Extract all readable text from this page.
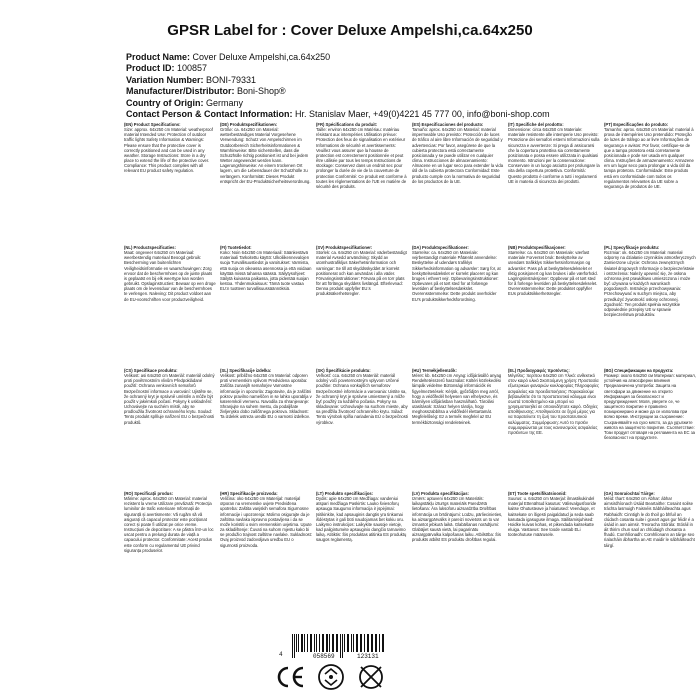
GPSR Label for : Cover Deluxe Ampelshi,ca.64x250
Product Name: Cover Deluxe Ampelshi,ca.64x250
Product ID: 100857
Variation Number: BONI-79331
Manufacturer/Distributor: Boni-Shop®
Country of Origin: Germany
Contact Person & Contact Information: Hr. Stanislav Maer, +49(0)4221 45 777 00, info@boni-shop.com
(EN) Product Specifications:
Size: approx. 64x250 cm Material: weatherproof material Intended Use: Protection of outdoor traffic lights Safety Information & Warnings: Please ensure that the protective cover is correctly positioned and can be used in any weather. Storage Instructions: Store in a dry place to extend the life of the protective cover. Compliance: This product complies with all relevant EU product safety regulation.
(DE) Produktspezifikationen:
Größe: ca. 64x250 cm Material: wetterbeständiges Material Vorgesehene Verwendung: Schutz von Ampelschirmen im Outdoorbereich Sicherheitsinformationen & Warnhinweise: Bitte sicherstellen, dass die Schutzhülle richtig positioniert ist und bei jedem Wetter angewendet werden kann. Lagerungshinweise: An einem trockenen Ort lagern, um die Lebensdauer der Schutzhülle zu verlängern. Konformität: Dieses Produkt entspricht der EU-Produktsicherheitsverordnung.
(FR) Spécifications du produit:
Taille: environ 64x250 cm Matériau: matériau résistant aux intempéries Utilisation prévue: Protection des feux de signalisation en extérieur Informations de sécurité et avertissements: Veuillez vous assurer que la housse de protection est correctement positionnée et peut être utilisée par tous les temps Instructions de stockage: Conservez dans un endroit sec pour prolonger la durée de vie de la couverture de protection Conformité: Ce produit est conforme à toutes les réglementations de l'UE en matière de sécurité des produits.
(ES) Especificaciones del producto:
Tamaño: aprox. 64x250 cm Material: material impermeable Uso previsto: Protección de luces de tráfico al aire libre Información de seguridad y advertencias: Por favor, asegúrese de que la cubierta protectora está correctamente posicionada y se puede utilizar en cualquier clima. Instrucciones de almacenamiento: Almacene en un lugar seco para extender la vida útil de la cubierta protectora Conformidad: Este producto cumple con la normativa de seguridad de los productos de la UE.
(IT) Specifiche del prodotto:
Dimensione: circa 64x250 cm Materiale: materiale resistente alle intemperie Uso previsto: Protezione dei semafori esterni Informazioni sulla sicurezza e avvertenze: Si prega di assicurarsi che la copertura protettiva sia correttamente posizionata e possa essere utilizzata in qualsiasi momento. Istruzioni per la conservazione: Conservare in un luogo asciutto per prolungare la vita della copertura protettiva. Conformità: Questo prodotto è conforme a tutti i regolamenti UE in materia di sicurezza dei prodotti.
(PT) Especificações do produto:
Tamanho: aprox. 64x250 cm Material: material à prova de intempéries Uso pretendido: Proteção de luzes de tráfego ao ar livre Informações de segurança e avisos: Por favor, certifique-se de que a tampa protetora está corretamente posicionada e pode ser usada em qualquer clima. Instruções de armazenamento: Armazene em um lugar seco para prolongar a vida útil da tampa protetora. Conformidade: Este produto está em conformidade com todos os regulamentos relevantes da UE sobre a segurança de produtos de UE.
(NL) Productspecificaties:
Maat: ongeveer 64x250 cm Materiaal: weerbestendig materiaal Beoogd gebruik: Bescherming van buitenlichten Veiligheidsinformatie en waarschuwingen: Zorg ervoor dat de beschermhoes op de juiste plaats is geplaatst en bij elk weertype kan worden gebruikt. Opslaginstructies: Bewaar op een droge plaats om de levensduur van de beschermhoes te verlengen. Naleving: Dit product voldoet aan de EU-voorschriften voor productveiligheid.
(FI) Tuotetiedot:
Koko: Noin 64x250 cm Materiaali: Säänkestävä materiaali Tarkoitettu käyttö: Ulkoliikennevalojen suoja Turvallisuustiedot ja varoitukset: Varmista, että suoja on oikeassa asennossa ja että voidaan käyttää missä tahansa säässä. Säilytysohjeet: Säilytä kuivassa paikassa, jotta pidentää suojan kestoa. Yhdenmukaisuus: Tämä tuote vastaa EU:n tuotteen turvallisuussäännöksiä.
(SV) Produktspecifikationer:
Storlek: ca. 64x250 cm Material: väderbeständigt material Avsedd användning: Skydd av utomhustrafikljus Säkerhetsinformation och varningar: Se till att skyddsskyddet är korrekt positionerat och kan användas i alla väder. Förvaringsinstruktioner: Förvara på en torr plats för att förlänga skyddets livslängd. Efterlevnad: Denna produkt uppfyller EU:s produktsäkerhetsregler.
(DA) Produktspecifikationer:
Størrelse: ca. 64x250 cm Materiale: vejrbestandigt materiale Påtænkt anvendelse: Beskyttelse af udendørs trafiklys Sikkerhedsinformation og advarsler: Sørg for, at beskyttelsesdækslet er korrekt placeret og kan bruges i ethvert vejr. Opbevaringsinstruktioner: Opbevares på et tørt sted for at forlænge levetiden af beskyttelsesdækslet. Overensstemmelse: Dette produkt overholder EU's produktsikkerhedsforordning.
(NB) Produktspesifikasjoner:
Størrelse: ca. 64x250 cm Materiale: værfast materiale Forventet bruk: Beskyttelse av utendørs trafikklys Sikkerhetsinformasjon og advarsler: Pass på at beskyttelsesdekselet er riktig posisjonert og kan brukes i alle værforhold. Lagringsinstruksjoner: Oppbevar på et tørt sted for å forlenge levetiden på beskyttelsesdekselet. Overensstemmelse: Dette produktet oppfyller EUs produktsikkerhetsregler.
(PL) Specyfikacje produktu:
Rozmiar: ok. 64x250 cm Materiał: materiał odporny na działanie czynników atmosferycznych Zamierzone użycie: Ochrona zewnętrznych świateł drogowych Informacje o bezpieczeństwie i ostrzeżenia: Należy upewnić się, że osłona ochronna jest prawidłowo umieszczona i może być używana w każdych warunkach pogodowych. Instrukcje przechowywania: Przechowywać w suchym miejscu, aby przedłużyć żywotność osłony ochronnej. Zgodność: Ten produkt spełnia wszystkie odpowiednie przepisy UE w sprawie bezpieczeństwa produktów.
(CS) Specifikace produktu:
Velikost: asi 64x250 cm Materiál: materiál odolný proti povětrnostním vlivům Předpokládané použití: Ochrana venkovních semaforů Bezpečnostní informace a varování: Ujistěte se, že ochranný kryt je správně umístěn a může být použit v jakémkoli počasí. Pokyny k uskladnění: Uchovávejte na suchém místě, aby se prodloužila životnost ochranného krytu. Soulad: Tento produkt splňuje nařízení EU o bezpečnosti produktů.
(SL) Specifikacije izdelka:
Velikost: približno 64x250 cm Material: odporen proti vremenskim vplivom Predvidena uporaba: Zaščita zunanjih semaforjev Varnostne informacije in opozorila: Zagotovite, da je zaščitni pokrov pravilno nameščen in se lahko uporablja v kateremkoli vremenu. Navodila za shranjevanje: Shranjujte na suhem mestu, da podaljšate življenjsko dobo zaščitnega pokrova. Skladnost: Ta izdelek ustreza uredbi EU o varnosti izdelkov.
(SK) Špecifikácie produktu:
Veľkosť: cca. 64x250 cm Materiál: materiál odolný voči poveternostným vplyvom Určené použitie: Ochrana vonkajších semaforov Bezpečnostné informácie a varovania: Uistite sa, že ochranný kryt je správne umiestnený a môže byť použitý za každého počasia. Pokyny na skladovanie: Uchovávajte na suchom mieste, aby sa predĺžila životnosť ochranného krytu. Súlad: Tento výrobok spĺňa nariadenia EÚ o bezpečnosti výrobkov.
(HU) Termékjellemzők:
Méret: kb. 64x250 cm Anyag: időjárásálló anyag Rendeltetésszerű használat: Kültéri közlekedési lámpák védelme Biztonsági információk és figyelmeztetések: Kérjük, győződjön meg arról, hogy a védőfedél helyesen van elhelyezve, és bármilyen időjárásban használható. Tárolási utasítások: Száraz helyen tárolja, hogy meghosszabbítsa a védőfedél élettartamát. Megfelelőség: Ez a termék megfelel az EU termékbiztonsági rendeleteinek.
(EL) Προδιαγραφές προϊόντος:
Μέγεθος: περίπου 64x250 cm Υλικό: ανθεκτικό στον καιρό υλικό Σκοπούμενη χρήση: Προστασία εξωτερικών φαναριών κυκλοφορίας Πληροφορίες ασφαλείας και προειδοποιήσεις: Παρακαλούμε βεβαιωθείτε ότι το προστατευτικό κάλυμμα είναι σωστά τοποθετημένο και μπορεί να χρησιμοποιηθεί σε οποιονδήποτε καιρό. Οδηγίες αποθήκευσης: Αποθηκεύστε σε ξηρό μέρος για να παρατείνετε τη ζωή του προστατευτικού καλύμματος. Συμμόρφωση: Αυτό το προϊόν συμμορφώνεται με τους κανονισμούς ασφαλείας προϊόντων της ΕΕ.
(BG) Спецификации на продукта:
Размер: около 64x250 см Материал: материал, устойчив на атмосферни влияния Предназначена употреба: Защита на светофари за движение на открито Информация за безопасност и предупреждения: Моля, уверете се, че защитното покритие е правилно позиционирано и може да се използва при всяко време. Инструкции за съхранение: Съхранявайте на сухо място, за да удължите живота на защитното покритие. Съответствие: Този продукт отговаря на регламента на ЕС за безопасност на продуктите.
(RO) Specificații produs:
Mărime: aprox. 64x250 cm Material: material rezistent la vreme Utilizare prevăzută: Protecția luminilor de trafic exterioare Informații de siguranță și avertismente: Vă rugăm să vă asigurați că capacul protector este poziționat corect și poate fi utilizat pe orice vreme. Instrucțiuni de depozitare: A se păstra într-un loc uscat pentru a prelungi durata de viață a capacului protector. Conformitate: Acest produs este conform cu regulamentul UE privind siguranța produselor.
(HR) Specifikacije proizvoda:
Veličina: oko 64x250 cm Materijal: materijal otporan na vremenske uvjete Predviđena upotreba: Zaštita vanjskih semafora Sigurnosne informacije i upozorenja: Molimo osigurajte da je zaštitna navlaka ispravno postavljena i da se može koristiti u svim vremenskim uvjetima. Upute za skladištenje: Čuvati na suhom mjestu kako bi se produžio trajnost zaštitne navlake. Sukladnost: Ovaj proizvod zadovoljava uredbu EU o sigurnosti proizvoda.
(LT) Produkto specifikacijos:
Dydis: apie 64x250 cm Medžiaga: vandeniui atspari medžiaga Paskirtis: Lauko šviesoforų apsauga Saugumo informacija ir įspėjimai: Įsitikinkite, kad apsauginis dangtis yra tinkamai išdėstytas ir gali būti naudojamas bet kokiu oru. Laikymo instrukcijos: Laikykite sausoje vietoje, kad pailgintumėte apsauginio dangčio tarnavimo laiką. Atitiktis: Šis produktas atitinka ES produktų saugos reglamentą.
(LV) Produkta specifikācijas:
Izmērs: aptuveni 64x250 cm Materiāls: laikapstākļu izturīgs materiāls Paredzētā lietošana: Āra luksoforu aizsardzība Drošības informācija un brīdinājumi: Lūdzu, pārliecinieties, ka aizsargpārvalks ir pareizi novietots un to var izmantot jebkurā laikā. Glabāšanas norādījumi: Glabājiet sausā vietā, lai pagarinātu aizsargpārvalka kalpošanas laiku. Atbilstība: Šis produkts atbilst ES produktu drošības regulai.
(ET) Toote spetsifikatsioonid:
Suurus: u. 64x250 cm Materjal: ilmastikukindel materjal Ettenähtud kasutus: Välisvalgusfooride kaitse Ohutusteave ja hoiatused: Veenduge, et kaitsekate on õigesti paigaldatud ja seda saab kasutada igasuguse ilmaga. Säilitamisjuhised: Hoidke kuivas kohas, et pikendada kaitsekatte eluiga. Vastavus: See toode vastab ELi tooteohutuse määrusele.
(GA) Sonraíochtaí Táirge:
Méid: thart: 64x250 cm Ábhar: ábhar aimsirdhíonach Úsáid Beartaithe: Cosaint soilse tráchta lasmuigh Faisnéis Sábháilteachta agus Rabhaidh: Cinntigh le do thoil go bhfuil an clúdach cosanta suite i gceart agus gur féidir é a úsáid in aon aimsir. Treoracha Stórála: Stóráil in áit thirim chun saol an chlúdaigh chosanta a fhadú. Comhlíonadh: Comhlíonann an táirge seo rialacháin ábhartha an AE maidir le sábháilteacht táirgí.
4	058569	123131
